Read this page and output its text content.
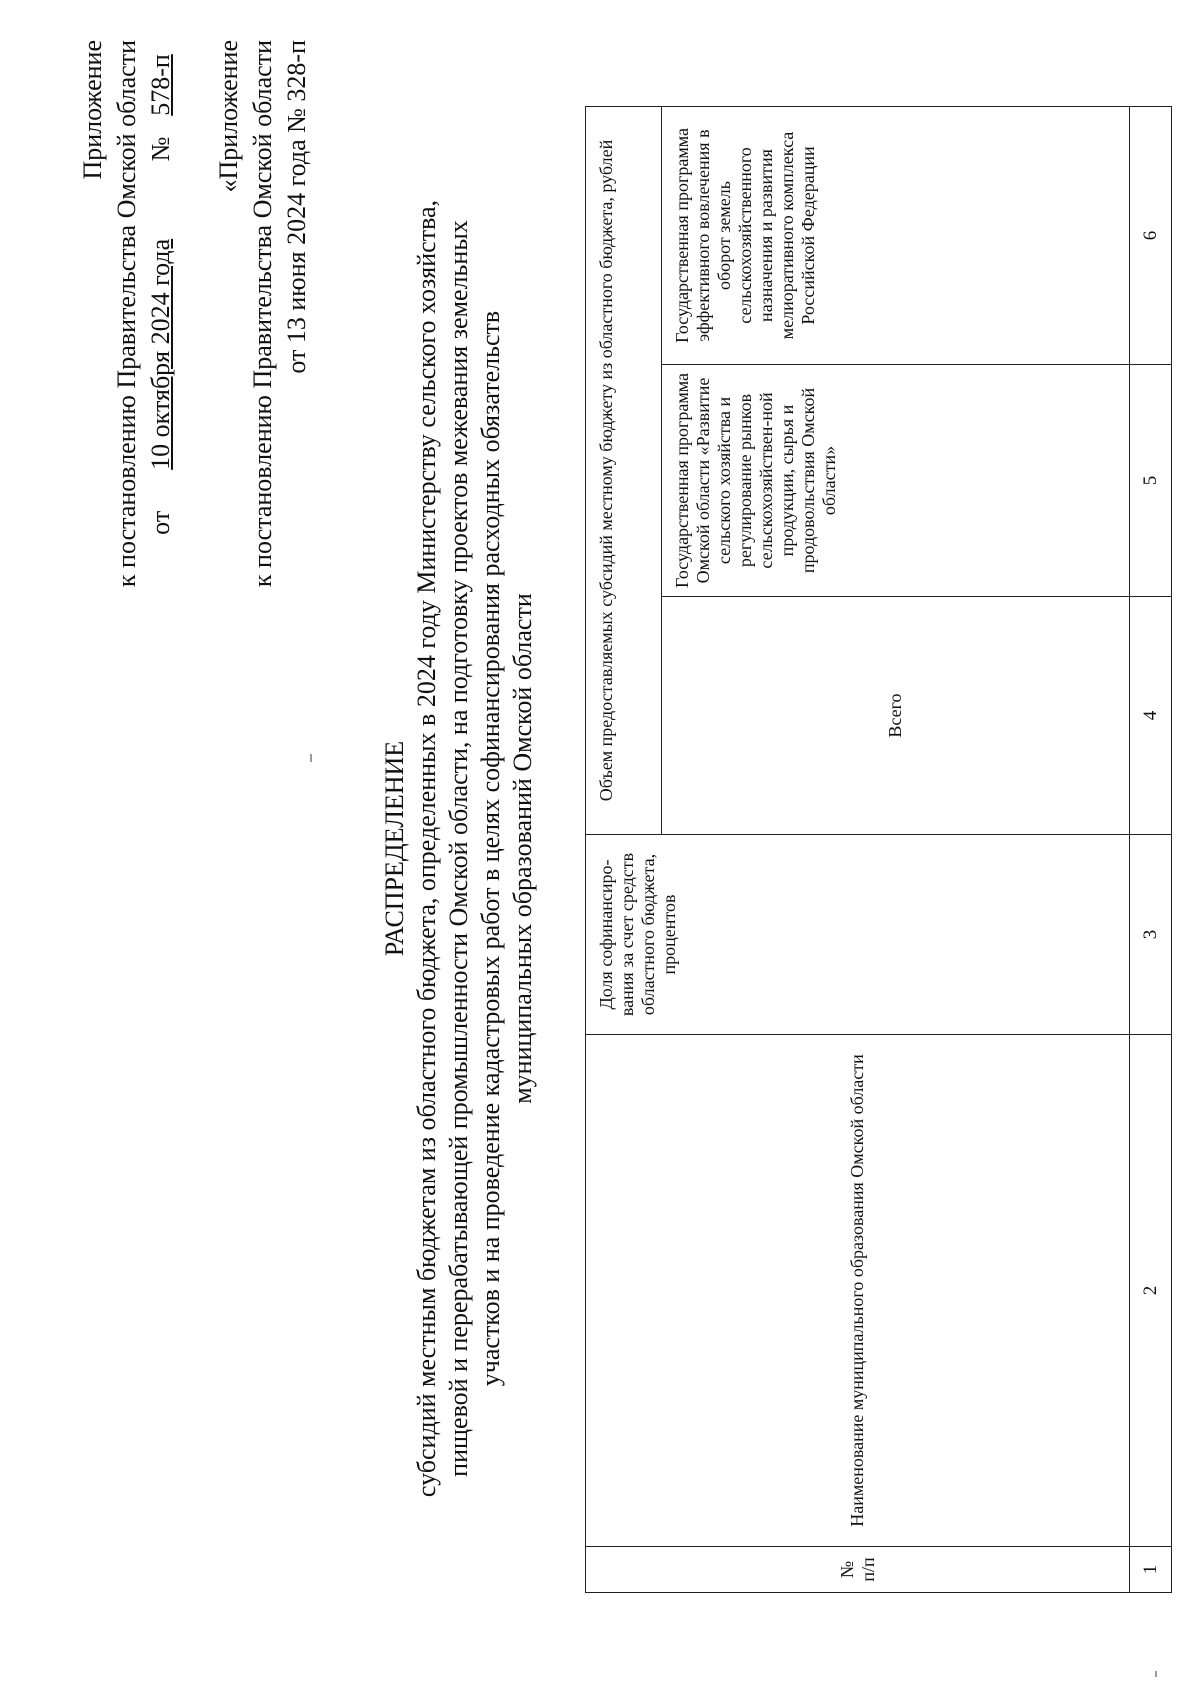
Приложение к постановлению Правительства Омской области от 10 октября 2024 года  № 578-п «Приложение к постановлению Правительства Омской области от 13 июня 2024 года № 328-п
РАСПРЕДЕЛЕНИЕ субсидий местным бюджетам из областного бюджета, определенных в 2024 году Министерству сельского хозяйства, пищевой и перерабатывающей промышленности Омской области, на подготовку проектов межевания земельных участков и на проведение кадастровых работ в целях софинансирования расходных обязательств муниципальных образований Омской области
№ п/п	Наименование муниципального образования Омской области	Доля софинансиро-вания за счет средств областного бюджета, процентов	Объем предоставляемых субсидий местному бюджету из областного бюджета, рублей		
			Всего	Государственная программа Омской области «Развитие сельского хозяйства и регулирование рынков сельскохозяйствен-ной продукции, сырья и продовольствия Омской области»	Государственная программа эффективного вовлечения в оборот земель сельскохозяйственного назначения и развития мелиоративного комплекса Российской Федерации
1	2	3	4	5	6
